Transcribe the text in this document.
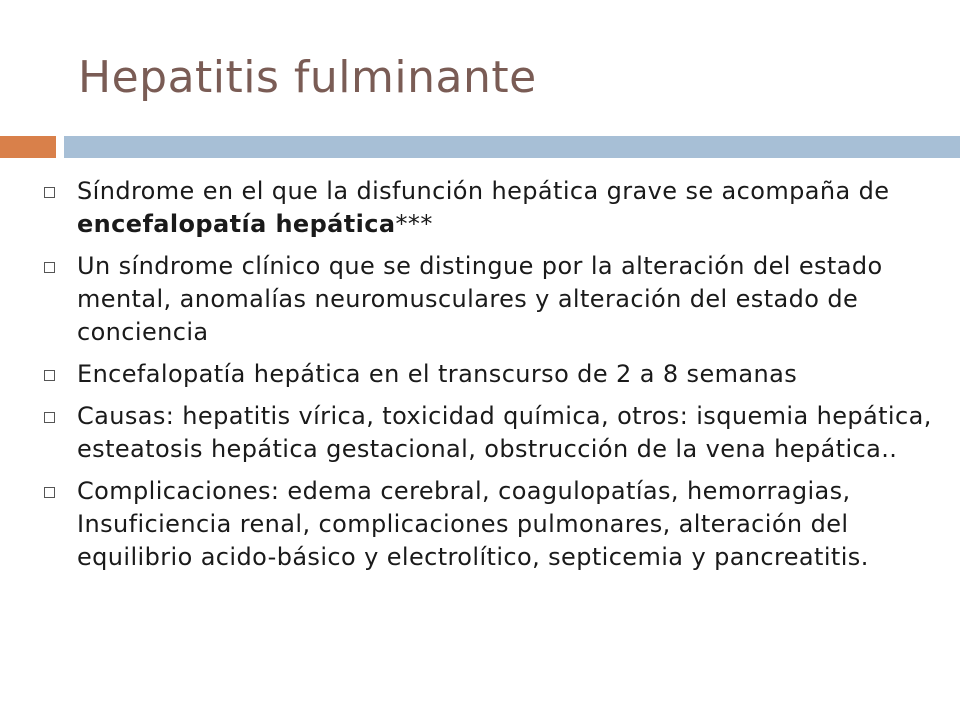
Hepatitis fulminante
Síndrome en el que la disfunción hepática grave se acompaña de encefalopatía hepática***
Un síndrome clínico que se distingue por la alteración del estado mental, anomalías neuromusculares y alteración del estado de conciencia
Encefalopatía hepática en el transcurso de 2 a 8 semanas
Causas: hepatitis vírica, toxicidad química, otros: isquemia hepática, esteatosis hepática gestacional, obstrucción de la vena hepática..
Complicaciones: edema cerebral, coagulopatías, hemorragias, Insuficiencia renal, complicaciones pulmonares, alteración del equilibrio acido-básico y electrolítico, septicemia y pancreatitis.
